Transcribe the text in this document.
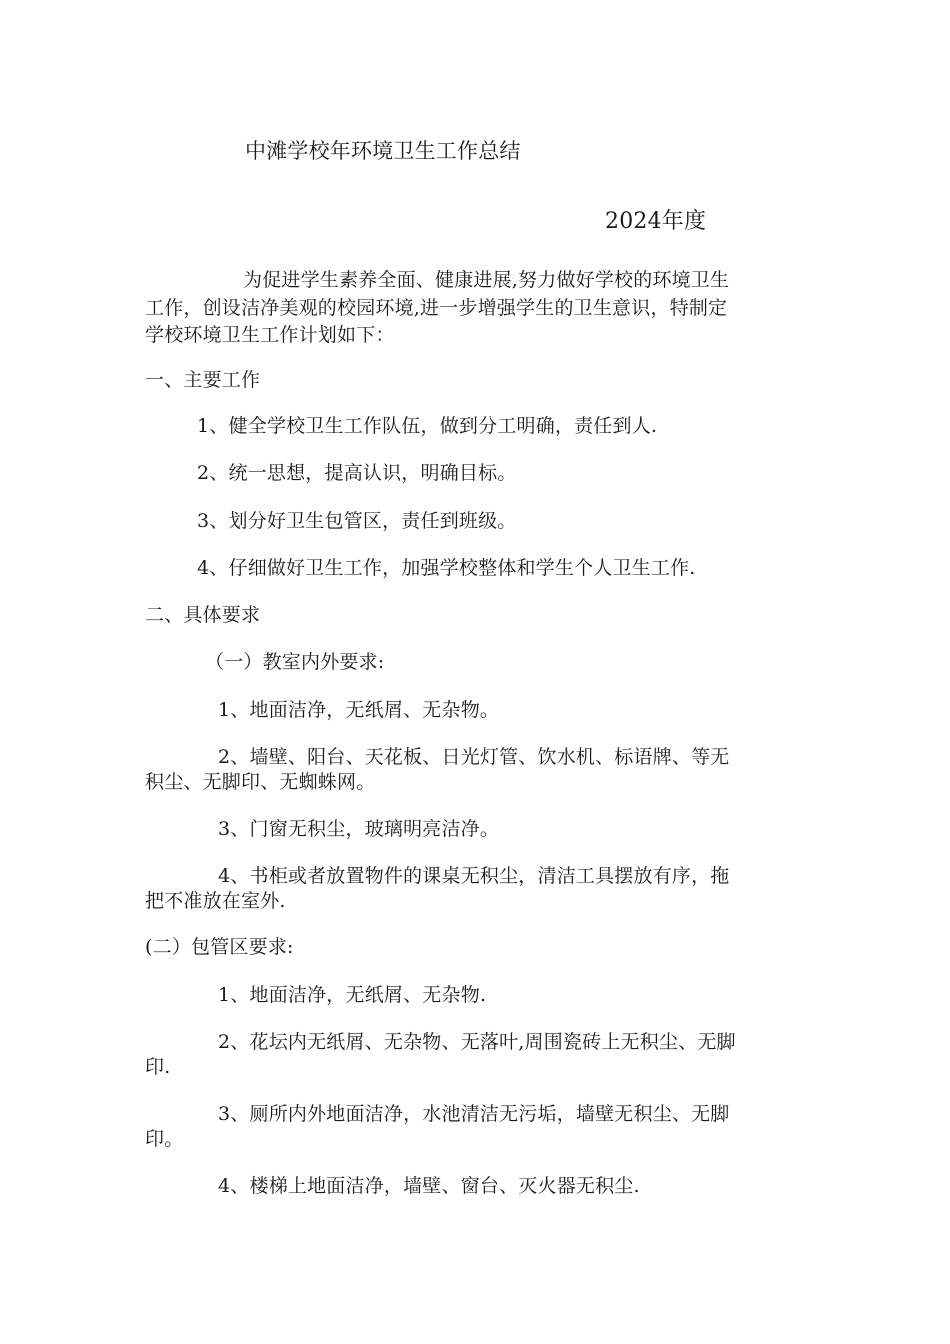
中滩学校年环境卫生工作总结
2024年度
为促进学生素养全面、健康进展,努力做好学校的环境卫生
工作，创设洁净美观的校园环境,进一步增强学生的卫生意识，特制定
学校环境卫生工作计划如下：
一、主要工作
1、健全学校卫生工作队伍，做到分工明确，责任到人.
2、统一思想，提高认识，明确目标。
3、划分好卫生包管区，责任到班级。
4、仔细做好卫生工作，加强学校整体和学生个人卫生工作.
二、具体要求
（一）教室内外要求:
1、地面洁净，无纸屑、无杂物。
2、墙壁、阳台、天花板、日光灯管、饮水机、标语牌、等无
积尘、无脚印、无蜘蛛网。
3、门窗无积尘，玻璃明亮洁净。
4、书柜或者放置物件的课桌无积尘，清洁工具摆放有序，拖
把不准放在室外.
(二）包管区要求:
1、地面洁净，无纸屑、无杂物.
2、花坛内无纸屑、无杂物、无落叶,周围瓷砖上无积尘、无脚
印.
3、厕所内外地面洁净，水池清洁无污垢，墙壁无积尘、无脚
印。
4、楼梯上地面洁净，墙壁、窗台、灭火器无积尘.
